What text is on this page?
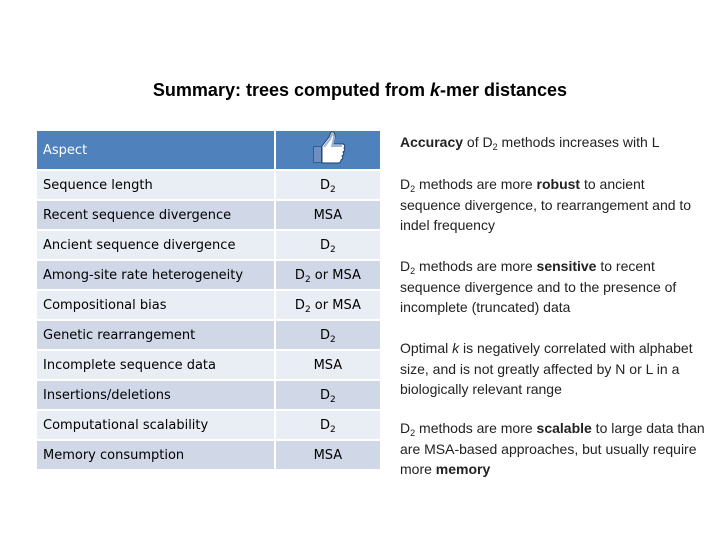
Summary: trees computed from k-mer distances
Aspect	
Sequence length	$D_2$
Recent sequence divergence	MSA
Ancient sequence divergence	$D_2$
Among-site rate heterogeneity	$D_2$ or MSA
Compositional bias	$D_2$ or MSA
Genetic rearrangement	$D_2$
Incomplete sequence data	MSA
Insertions/deletions	$D_2$
Computational scalability	$D_2$
Memory consumption	MSA
Accuracy of $D_2$ methods increases with L
$D_2$ methods are more robust to ancient sequence divergence, to rearrangement and to indel frequency
$D_2$ methods are more sensitive to recent sequence divergence and to the presence of incomplete (truncated) data
Optimal k is negatively correlated with alphabet size, and is not greatly affected by N or L in a biologically relevant range
$D_2$ methods are more scalable to large data than are MSA-based approaches, but usually require more memory
